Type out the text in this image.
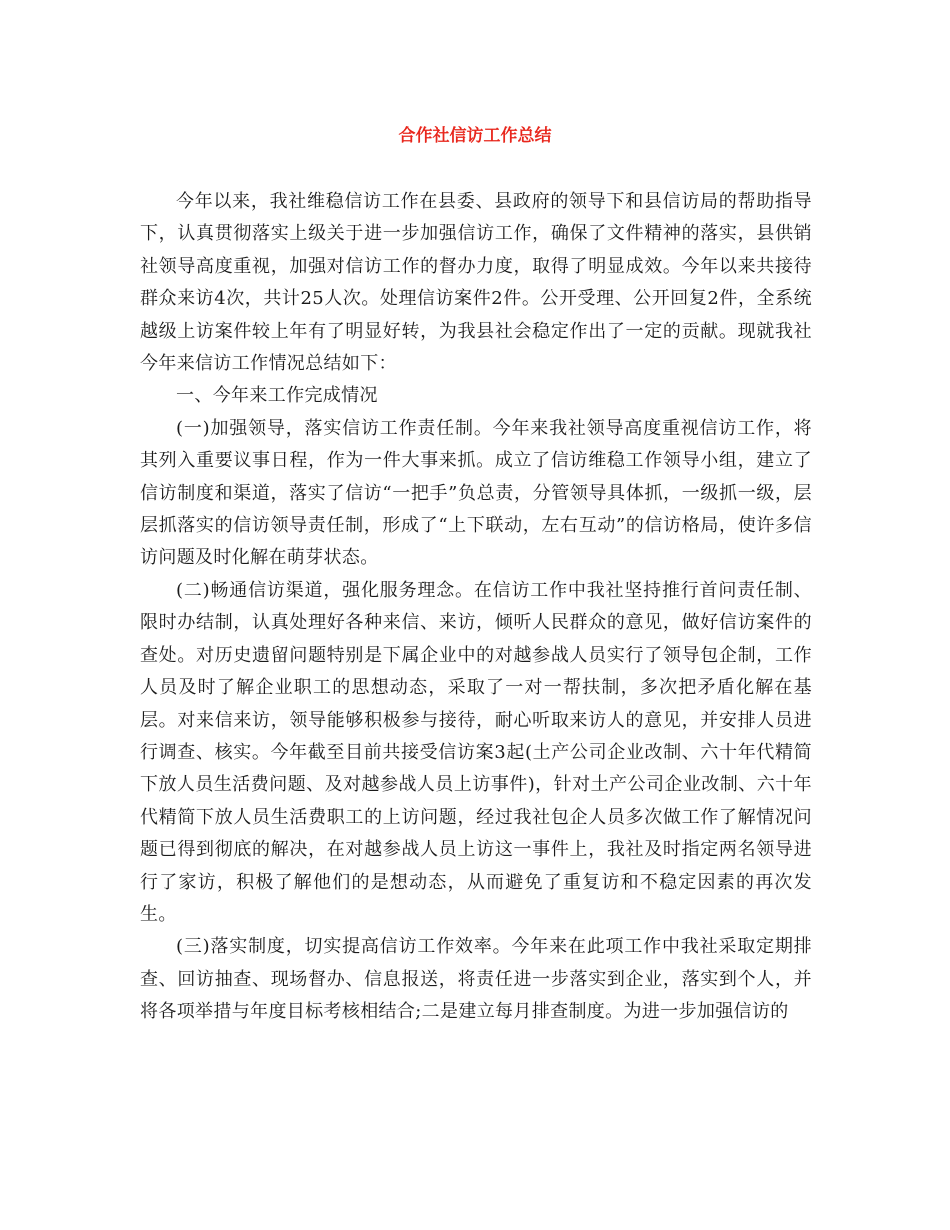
合作社信访工作总结

今年以来，我社维稳信访工作在县委、县政府的领导下和县信访局的帮助指导下，认真贯彻落实上级关于进一步加强信访工作，确保了文件精神的落实，县供销社领导高度重视，加强对信访工作的督办力度，取得了明显成效。今年以来共接待群众来访4次，共计25人次。处理信访案件2件。公开受理、公开回复2件，全系统越级上访案件较上年有了明显好转，为我县社会稳定作出了一定的贡献。现就我社今年来信访工作情况总结如下：

一、今年来工作完成情况

(一)加强领导，落实信访工作责任制。今年来我社领导高度重视信访工作，将其列入重要议事日程，作为一件大事来抓。成立了信访维稳工作领导小组，建立了信访制度和渠道，落实了信访“一把手”负总责，分管领导具体抓，一级抓一级，层层抓落实的信访领导责任制，形成了“上下联动，左右互动”的信访格局，使许多信访问题及时化解在萌芽状态。

(二)畅通信访渠道，强化服务理念。在信访工作中我社坚持推行首问责任制、限时办结制，认真处理好各种来信、来访，倾听人民群众的意见，做好信访案件的查处。对历史遗留问题特别是下属企业中的对越参战人员实行了领导包企制，工作人员及时了解企业职工的思想动态，采取了一对一帮扶制，多次把矛盾化解在基层。对来信来访，领导能够积极参与接待，耐心听取来访人的意见，并安排人员进行调查、核实。今年截至目前共接受信访案3起(土产公司企业改制、六十年代精简下放人员生活费问题、及对越参战人员上访事件)，针对土产公司企业改制、六十年代精简下放人员生活费职工的上访问题，经过我社包企人员多次做工作了解情况问题已得到彻底的解决，在对越参战人员上访这一事件上，我社及时指定两名领导进行了家访，积极了解他们的是想动态，从而避免了重复访和不稳定因素的再次发生。

(三)落实制度，切实提高信访工作效率。今年来在此项工作中我社采取定期排查、回访抽查、现场督办、信息报送，将责任进一步落实到企业，落实到个人，并将各项举措与年度目标考核相结合;二是建立每月排查制度。为进一步加强信访的
